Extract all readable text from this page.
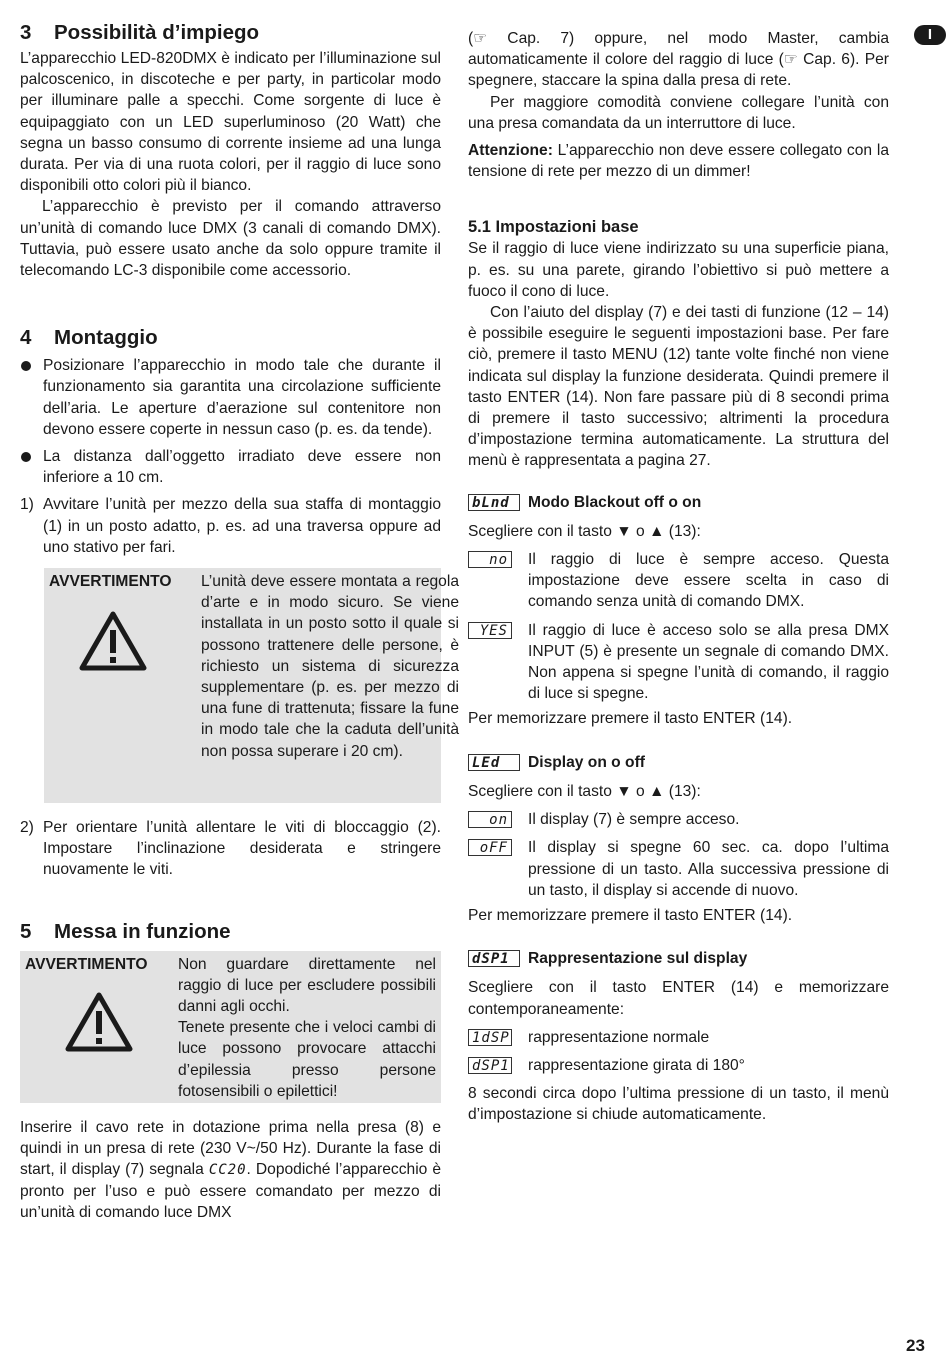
I
3 Possibilità d’impiego

L’apparecchio LED-820DMX è indicato per l’illuminazione sul palcoscenico, in discoteche e per party, in particolar modo per illuminare palle a specchi. Come sorgente di luce è equipaggiato con un LED superluminoso (20 Watt) che segna un basso consumo di corrente insieme ad una lunga durata. Per via di una ruota colori, per il raggio di luce sono disponibili otto colori più il bianco.

L’apparecchio è previsto per il comando attraverso un’unità di comando luce DMX (3 canali di comando DMX). Tuttavia, può essere usato anche da solo oppure tramite il telecomando LC-3 disponibile come accessorio.

4 Montaggio
Posizionare l’apparecchio in modo tale che durante il funzionamento sia garantita una circolazione sufficiente dell’aria. Le aperture d’aerazione sul contenitore non devono essere coperte in nessun caso (p. es. da tende).
La distanza dall’oggetto irradiato deve essere non inferiore a 10 cm.
1) Avvitare l’unità per mezzo della sua staffa di montaggio (1) in un posto adatto, p. es. ad una traversa oppure ad uno stativo per fari.
AVVERTIMENTO L’unità deve essere montata a regola d’arte e in modo sicuro. Se viene installata in un posto sotto il quale si possono trattenere delle persone, è richiesto un sistema di sicurezza supplementare (p. es. per mezzo di una fune di trattenuta; fissare la fune in modo tale che la caduta dell’unità non possa superare i 20 cm).
2) Per orientare l’unità allentare le viti di bloccaggio (2). Impostare l’inclinazione desiderata e stringere nuovamente le viti.
5 Messa in funzione
AVVERTIMENTO Non guardare direttamente nel raggio di luce per escludere possibili danni agli occhi.
Tenete presente che i veloci cambi di luce possono provocare attacchi d’epilessia presso persone fotosensibili o epilettici!

Inserire il cavo rete in dotazione prima nella presa (8) e quindi in un presa di rete (230 V~/50 Hz). Durante la fase di start, il display (7) segnala CC20. Dopodiché l’apparecchio è pronto per l’uso e può essere comandato per mezzo di un’unità di comando luce DMX

(☞ Cap. 7) oppure, nel modo Master, cambia automaticamente il colore del raggio di luce (☞ Cap. 6). Per spegnere, staccare la spina dalla presa di rete.

Per maggiore comodità conviene collegare l’unità con una presa comandata da un interruttore di luce.

Attenzione: L’apparecchio non deve essere collegato con la tensione di rete per mezzo di un dimmer!

5.1 Impostazioni base

Se il raggio di luce viene indirizzato su una superficie piana, p. es. su una parete, girando l’obiettivo si può mettere a fuoco il cono di luce.

Con l’aiuto del display (7) e dei tasti di funzione (12 – 14) è possibile eseguire le seguenti impostazioni base. Per fare ciò, premere il tasto MENU (12) tante volte finché non viene indicata sul display la funzione desiderata. Quindi premere il tasto ENTER (14). Non fare passare più di 8 secondi prima di premere il tasto successivo; altrimenti la procedura d’impostazione termina automaticamente. La struttura del menù è rappresentata a pagina 27.

bLnd	Modo Blackout off o on

Scegliere con il tasto ▼ o ▲ (13):

no Il raggio di luce è sempre acceso. Questa impostazione deve essere scelta in caso di comando senza unità di comando DMX.
YES Il raggio di luce è acceso solo se alla presa DMX INPUT (5) è presente un segnale di comando DMX. Non appena si spegne l’unità di comando, il raggio di luce si spegne.

Per memorizzare premere il tasto ENTER (14).

LEd	Display on o off

Scegliere con il tasto ▼ o ▲ (13):

on Il display (7) è sempre acceso.
oFF Il display si spegne 60 sec. ca. dopo l’ultima pressione di un tasto. Alla successiva pressione di un tasto, il display si accende di nuovo.

Per memorizzare premere il tasto ENTER (14).

dSP1	Rappresentazione sul display

Scegliere con il tasto ENTER (14) e memorizzare contemporaneamente:

1dSP rappresentazione normale
dSP1 rappresentazione girata di 180°

8 secondi circa dopo l’ultima pressione di un tasto, il menù d’impostazione si chiude automaticamente.

23
